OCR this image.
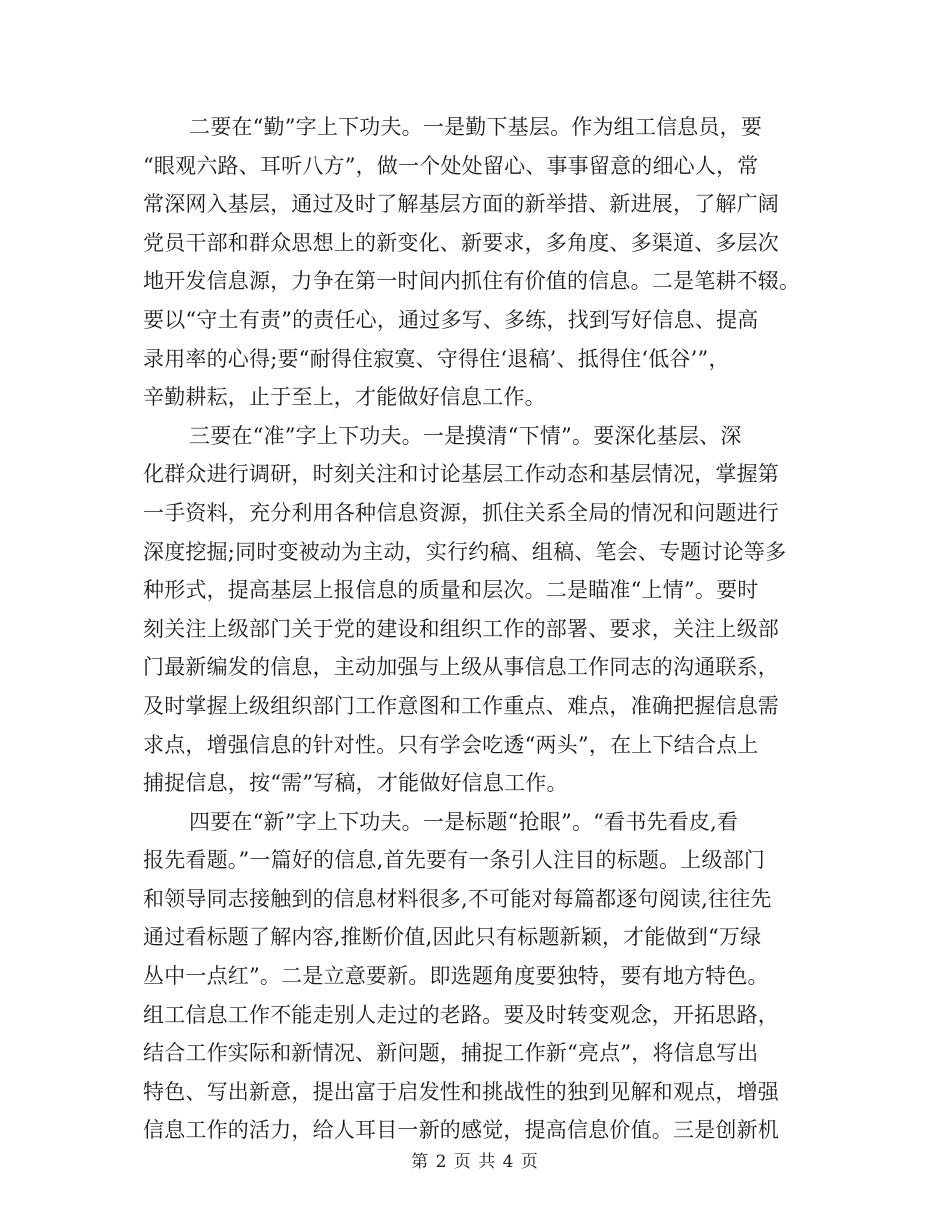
二要在“勤”字上下功夫。一是勤下基层。作为组工信息员，要
“眼观六路、耳听八方”，做一个处处留心、事事留意的细心人，常
常深网入基层，通过及时了解基层方面的新举措、新进展，了解广阔
党员干部和群众思想上的新变化、新要求，多角度、多渠道、多层次
地开发信息源，力争在第一时间内抓住有价值的信息。二是笔耕不辍。
要以“守土有责”的责任心，通过多写、多练，找到写好信息、提高
录用率的心得;要“耐得住寂寞、守得住‘退稿’、抵得住‘低谷’”，
辛勤耕耘，止于至上，才能做好信息工作。
三要在“准”字上下功夫。一是摸清“下情”。要深化基层、深
化群众进行调研，时刻关注和讨论基层工作动态和基层情况，掌握第
一手资料，充分利用各种信息资源，抓住关系全局的情况和问题进行
深度挖掘;同时变被动为主动，实行约稿、组稿、笔会、专题讨论等多
种形式，提高基层上报信息的质量和层次。二是瞄准“上情”。要时
刻关注上级部门关于党的建设和组织工作的部署、要求，关注上级部
门最新编发的信息，主动加强与上级从事信息工作同志的沟通联系，
及时掌握上级组织部门工作意图和工作重点、难点，准确把握信息需
求点，增强信息的针对性。只有学会吃透“两头”，在上下结合点上
捕捉信息，按“需”写稿，才能做好信息工作。
四要在“新”字上下功夫。一是标题“抢眼”。“看书先看皮,看
报先看题。”一篇好的信息,首先要有一条引人注目的标题。上级部门
和领导同志接触到的信息材料很多,不可能对每篇都逐句阅读,往往先
通过看标题了解内容,推断价值,因此只有标题新颖，才能做到“万绿
丛中一点红”。二是立意要新。即选题角度要独特，要有地方特色。
组工信息工作不能走别人走过的老路。要及时转变观念，开拓思路，
结合工作实际和新情况、新问题，捕捉工作新“亮点”，将信息写出
特色、写出新意，提出富于启发性和挑战性的独到见解和观点，增强
信息工作的活力，给人耳目一新的感觉，提高信息价值。三是创新机
第 2 页 共 4 页
